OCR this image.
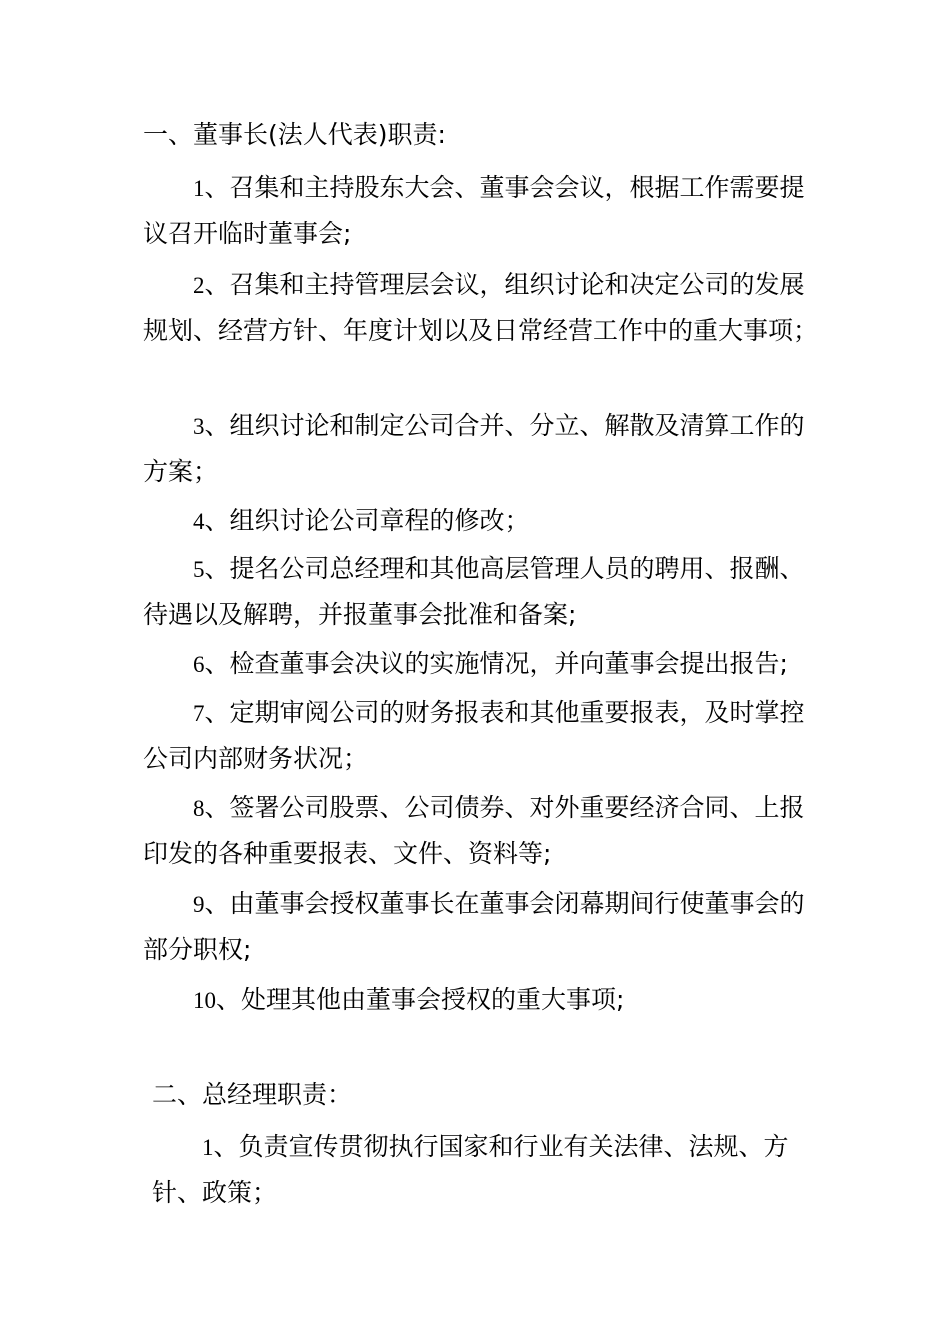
一、董事长(法人代表)职责:

1、召集和主持股东大会、董事会会议，根据工作需要提议召开临时董事会;

2、召集和主持管理层会议，组织讨论和决定公司的发展规划、经营方针、年度计划以及日常经营工作中的重大事项；

3、组织讨论和制定公司合并、分立、解散及清算工作的方案；

4、组织讨论公司章程的修改；

5、提名公司总经理和其他高层管理人员的聘用、报酬、待遇以及解聘，并报董事会批准和备案;

6、检查董事会决议的实施情况，并向董事会提出报告;

7、定期审阅公司的财务报表和其他重要报表，及时掌控公司内部财务状况；

8、签署公司股票、公司债券、对外重要经济合同、上报印发的各种重要报表、文件、资料等;

9、由董事会授权董事长在董事会闭幕期间行使董事会的部分职权;

10、处理其他由董事会授权的重大事项;

二、总经理职责：

1、负责宣传贯彻执行国家和行业有关法律、法规、方针、政策；
